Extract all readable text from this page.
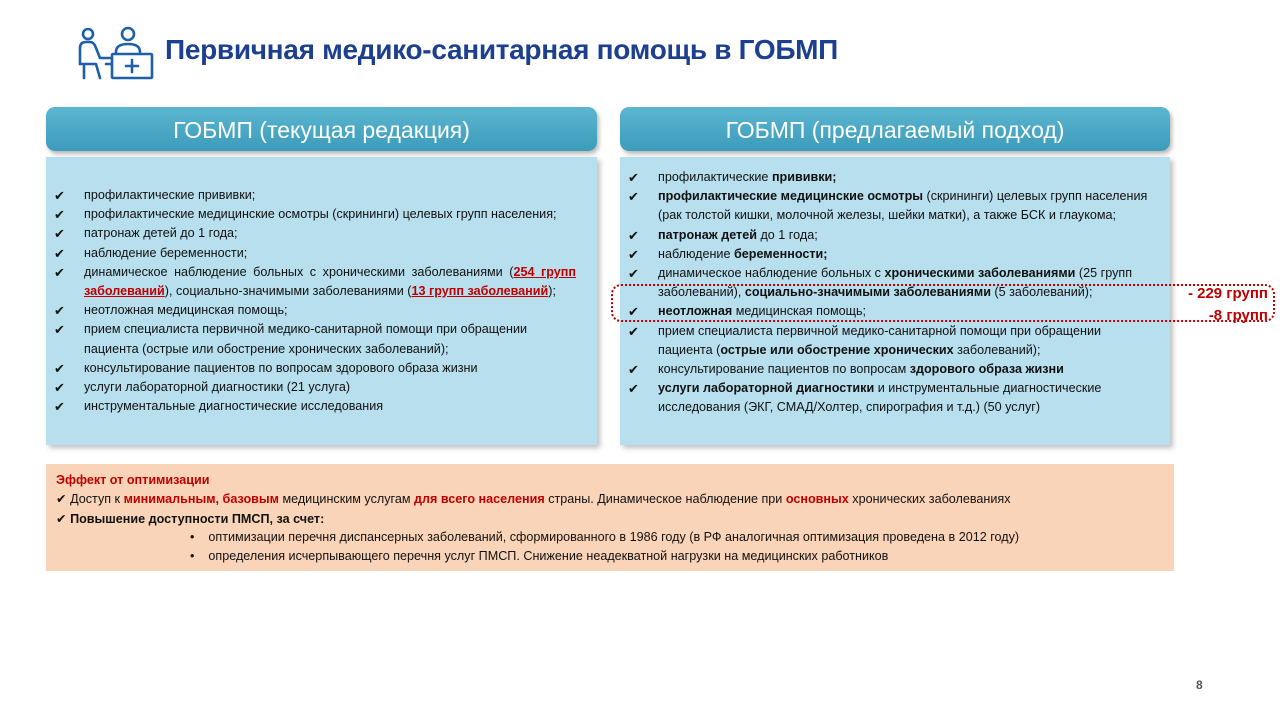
Первичная медико-санитарная помощь в ГОБМП
ГОБМП (текущая редакция)	ГОБМП (предлагаемый подход)
✔ профилактические прививки;
✔ профилактические медицинские осмотры (скрининги) целевых групп населения;
✔ патронаж детей до 1 года;
✔ наблюдение беременности;
✔ динамическое наблюдение больных с хроническими заболеваниями (254 групп заболеваний), социально-значимыми заболеваниями (13 групп заболеваний);
✔ неотложная медицинская помощь;
✔ прием специалиста первичной медико-санитарной помощи при обращении пациента (острые или обострение хронических заболеваний);
✔ консультирование пациентов по вопросам здорового образа жизни
✔ услуги лабораторной диагностики (21 услуга)
✔ инструментальные диагностические исследования
✔ профилактические прививки;
✔ профилактические медицинские осмотры (скрининги) целевых групп населения (рак толстой кишки, молочной железы, шейки матки), а также БСК и глаукома;
✔ патронаж детей до 1 года;
✔ наблюдение беременности;
✔ динамическое наблюдение больных с хроническими заболеваниями (25 групп заболеваний), социально-значимыми заболеваниями (5 заболеваний);
✔ неотложная медицинская помощь;
✔ прием специалиста первичной медико-санитарной помощи при обращении пациента (острые или обострение хронических заболеваний);
✔ консультирование пациентов по вопросам здорового образа жизни
✔ услуги лабораторной диагностики и инструментальные диагностические исследования (ЭКГ, СМАД/Холтер, спирография и т.д.) (50 услуг)
- 229 групп
-8 групп
Эффект от оптимизации
✔ Доступ к минимальным, базовым медицинским услугам для всего населения страны. Динамическое наблюдение при основных хронических заболеваниях
✔ Повышение доступности ПМСП, за счет:
•    оптимизации перечня диспансерных заболеваний, сформированного в 1986 году (в РФ аналогичная оптимизация проведена в 2012 году)
•    определения исчерпывающего перечня услуг ПМСП. Снижение неадекватной нагрузки на медицинских работников
8
